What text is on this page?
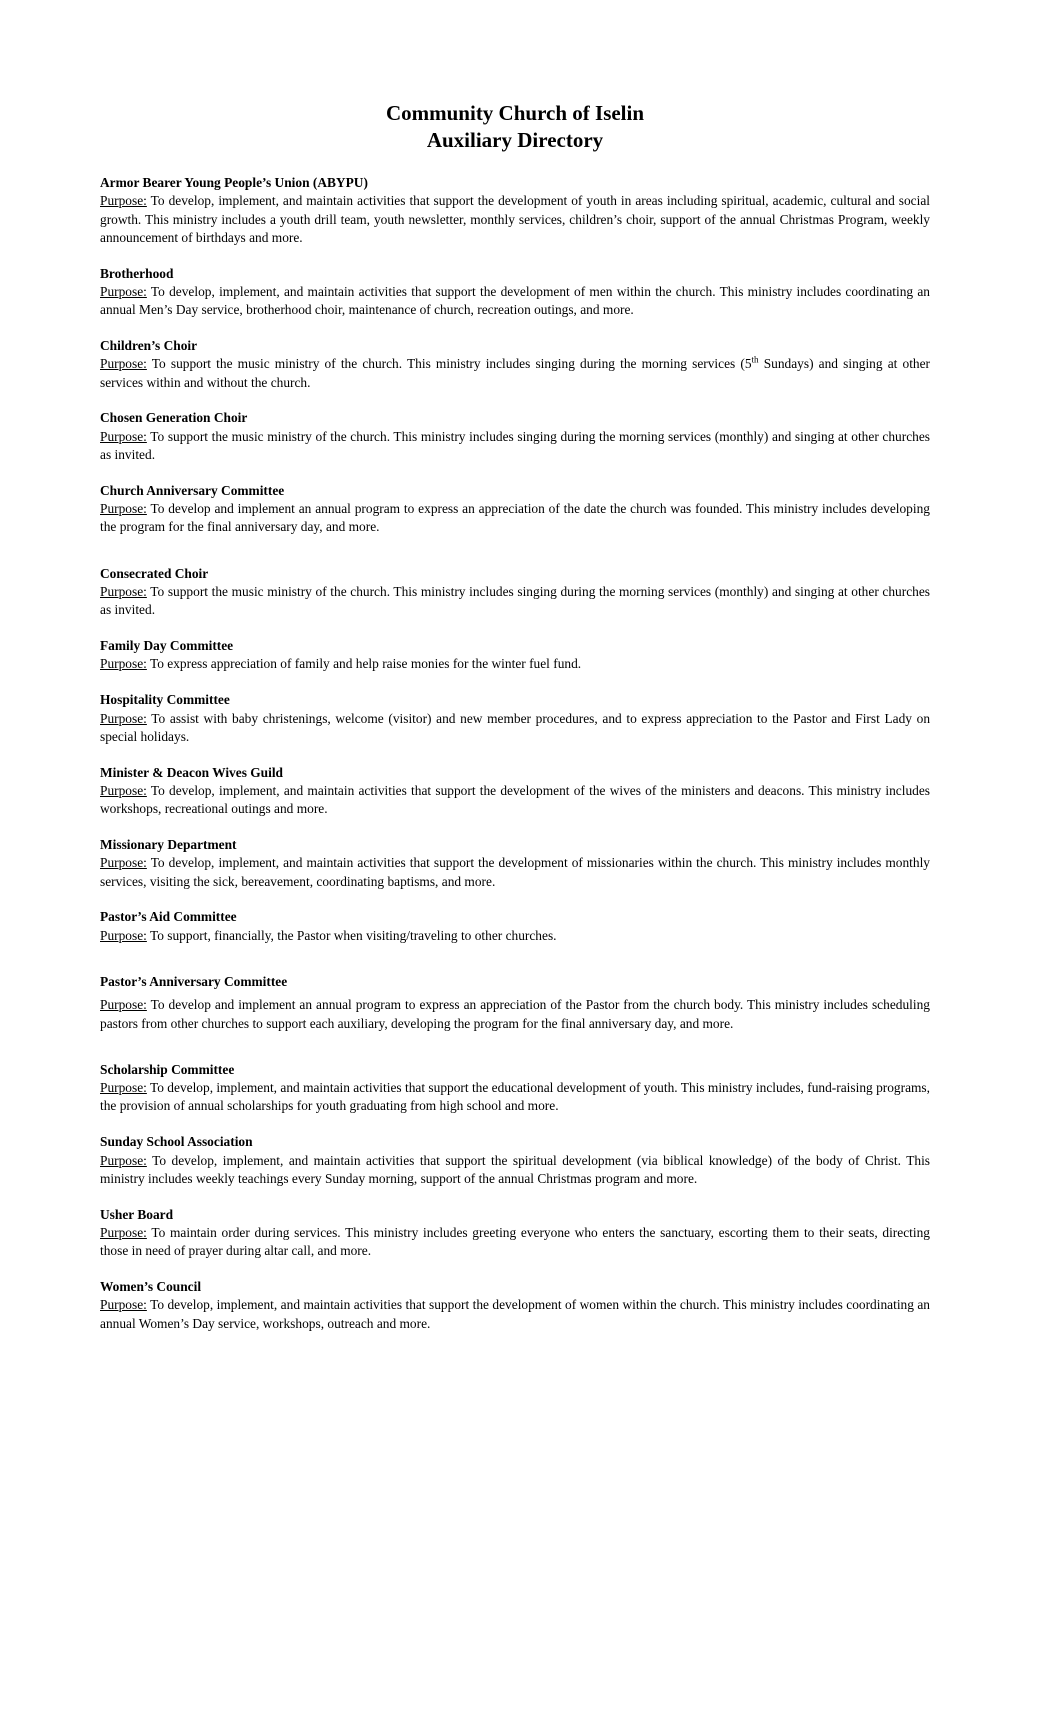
Community Church of Iselin
Auxiliary Directory
Armor Bearer Young People’s Union (ABYPU)
Purpose: To develop, implement, and maintain activities that support the development of youth in areas including spiritual, academic, cultural and social growth. This ministry includes a youth drill team, youth newsletter, monthly services, children’s choir, support of the annual Christmas Program, weekly announcement of birthdays and more.
Brotherhood
Purpose: To develop, implement, and maintain activities that support the development of men within the church. This ministry includes coordinating an annual Men’s Day service, brotherhood choir, maintenance of church, recreation outings, and more.
Children’s Choir
Purpose: To support the music ministry of the church. This ministry includes singing during the morning services (5th Sundays) and singing at other services within and without the church.
Chosen Generation Choir
Purpose: To support the music ministry of the church. This ministry includes singing during the morning services (monthly) and singing at other churches as invited.
Church Anniversary Committee
Purpose: To develop and implement an annual program to express an appreciation of the date the church was founded. This ministry includes developing the program for the final anniversary day, and more.
Consecrated Choir
Purpose: To support the music ministry of the church. This ministry includes singing during the morning services (monthly) and singing at other churches as invited.
Family Day Committee
Purpose: To express appreciation of family and help raise monies for the winter fuel fund.
Hospitality Committee
Purpose: To assist with baby christenings, welcome (visitor) and new member procedures, and to express appreciation to the Pastor and First Lady on special holidays.
Minister & Deacon Wives Guild
Purpose: To develop, implement, and maintain activities that support the development of the wives of the ministers and deacons. This ministry includes workshops, recreational outings and more.
Missionary Department
Purpose: To develop, implement, and maintain activities that support the development of missionaries within the church. This ministry includes monthly services, visiting the sick, bereavement, coordinating baptisms, and more.
Pastor’s Aid Committee
Purpose: To support, financially, the Pastor when visiting/traveling to other churches.
Pastor’s Anniversary Committee
Purpose: To develop and implement an annual program to express an appreciation of the Pastor from the church body. This ministry includes scheduling pastors from other churches to support each auxiliary, developing the program for the final anniversary day, and more.
Scholarship Committee
Purpose: To develop, implement, and maintain activities that support the educational development of youth. This ministry includes, fund-raising programs, the provision of annual scholarships for youth graduating from high school and more.
Sunday School Association
Purpose: To develop, implement, and maintain activities that support the spiritual development (via biblical knowledge) of the body of Christ. This ministry includes weekly teachings every Sunday morning, support of the annual Christmas program and more.
Usher Board
Purpose: To maintain order during services. This ministry includes greeting everyone who enters the sanctuary, escorting them to their seats, directing those in need of prayer during altar call, and more.
Women’s Council
Purpose: To develop, implement, and maintain activities that support the development of women within the church. This ministry includes coordinating an annual Women’s Day service, workshops, outreach and more.
